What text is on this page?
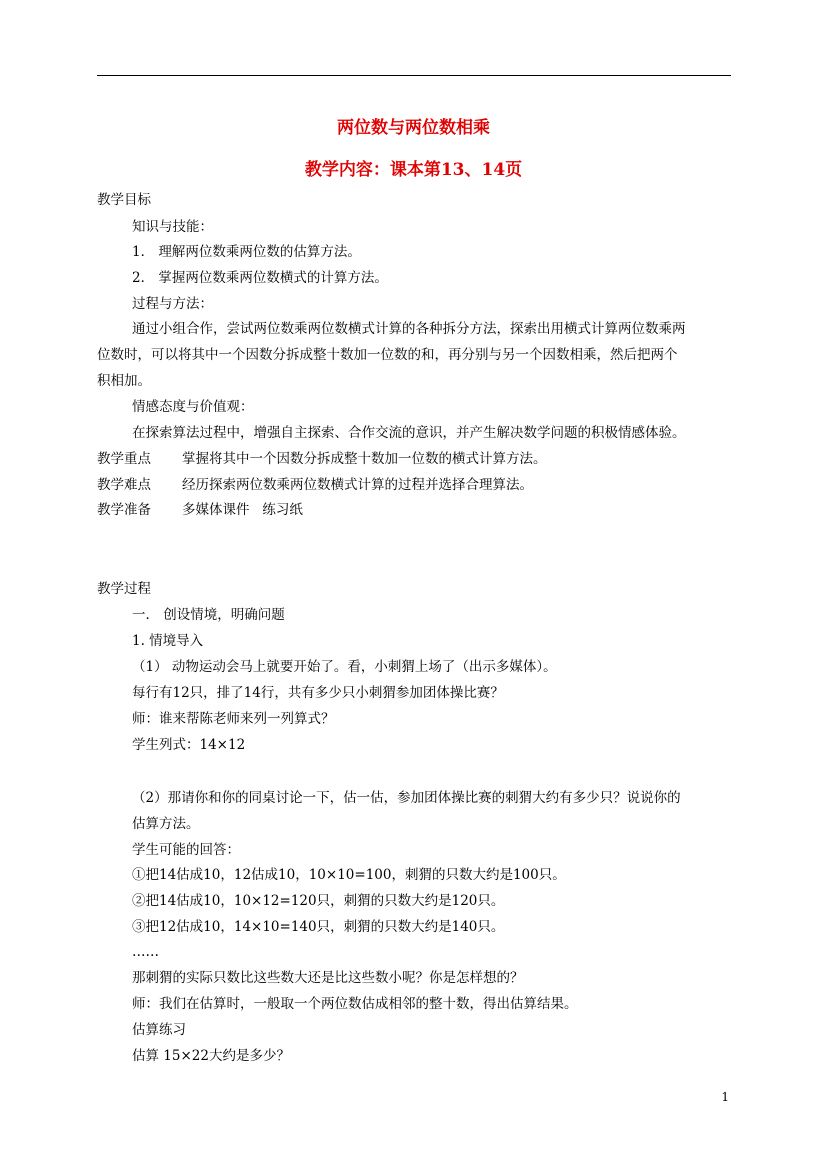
两位数与两位数相乘
教学内容：课本第13、14页
教学目标
知识与技能：
1． 理解两位数乘两位数的估算方法。
2． 掌握两位数乘两位数横式的计算方法。
过程与方法：
通过小组合作，尝试两位数乘两位数横式计算的各种拆分方法，探索出用横式计算两位数乘两
位数时，可以将其中一个因数分拆成整十数加一位数的和，再分别与另一个因数相乘，然后把两个
积相加。
情感态度与价值观：
在探索算法过程中，增强自主探索、合作交流的意识，并产生解决数学问题的积极情感体验。
教学重点 掌握将其中一个因数分拆成整十数加一位数的横式计算方法。
教学难点 经历探索两位数乘两位数横式计算的过程并选择合理算法。
教学准备 多媒体课件   练习纸
教学过程
一． 创设情境，明确问题
1. 情境导入
（1） 动物运动会马上就要开始了。看，小刺猬上场了（出示多媒体）。
每行有12只，排了14行，共有多少只小刺猬参加团体操比赛？
师：谁来帮陈老师来列一列算式？
学生列式：14×12
（2）那请你和你的同桌讨论一下，估一估，参加团体操比赛的刺猬大约有多少只？说说你的
估算方法。
学生可能的回答：
①把14估成10，12估成10，10×10=100，刺猬的只数大约是100只。
②把14估成10，10×12=120只，刺猬的只数大约是120只。
③把12估成10，14×10=140只，刺猬的只数大约是140只。
……
那刺猬的实际只数比这些数大还是比这些数小呢？你是怎样想的？
师：我们在估算时，一般取一个两位数估成相邻的整十数，得出估算结果。
估算练习
估算 15×22大约是多少？
1
